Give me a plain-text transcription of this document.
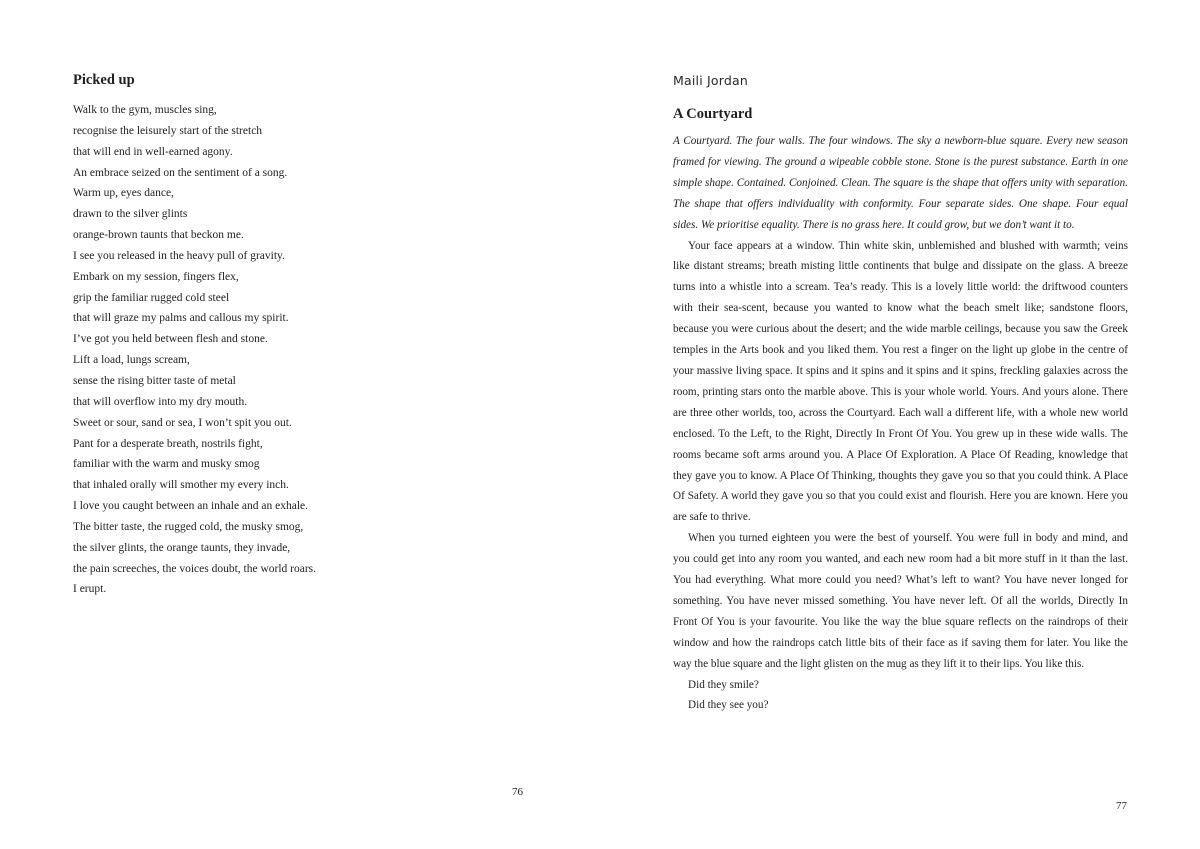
Picked up
Walk to the gym, muscles sing,
recognise the leisurely start of the stretch
that will end in well-earned agony.
An embrace seized on the sentiment of a song.
Warm up, eyes dance,
drawn to the silver glints
orange-brown taunts that beckon me.
I see you released in the heavy pull of gravity.
Embark on my session, fingers flex,
grip the familiar rugged cold steel
that will graze my palms and callous my spirit.
I’ve got you held between flesh and stone.
Lift a load, lungs scream,
sense the rising bitter taste of metal
that will overflow into my dry mouth.
Sweet or sour, sand or sea, I won’t spit you out.
Pant for a desperate breath, nostrils fight,
familiar with the warm and musky smog
that inhaled orally will smother my every inch.
I love you caught between an inhale and an exhale.
The bitter taste, the rugged cold, the musky smog,
the silver glints, the orange taunts, they invade,
the pain screeches, the voices doubt, the world roars.
I erupt.
76
Maili Jordan
A Courtyard

A Courtyard. The four walls. The four windows. The sky a newborn-blue square. Every new season framed for viewing. The ground a wipeable cobble stone. Stone is the purest substance. Earth in one simple shape. Contained. Conjoined. Clean. The square is the shape that offers unity with separation. The shape that offers individuality with conformity. Four separate sides. One shape. Four equal sides. We prioritise equality. There is no grass here. It could grow, but we don’t want it to.

Your face appears at a window. Thin white skin, unblemished and blushed with warmth; veins like distant streams; breath misting little continents that bulge and dissipate on the glass. A breeze turns into a whistle into a scream. Tea’s ready. This is a lovely little world: the driftwood counters with their sea-scent, because you wanted to know what the beach smelt like; sandstone floors, because you were curious about the desert; and the wide marble ceilings, because you saw the Greek temples in the Arts book and you liked them. You rest a finger on the light up globe in the centre of your massive living space. It spins and it spins and it spins and it spins, freckling galaxies across the room, printing stars onto the marble above. This is your whole world. Yours. And yours alone. There are three other worlds, too, across the Courtyard. Each wall a different life, with a whole new world enclosed. To the Left, to the Right, Directly In Front Of You. You grew up in these wide walls. The rooms became soft arms around you. A Place Of Exploration. A Place Of Reading, knowledge that they gave you to know. A Place Of Thinking, thoughts they gave you so that you could think. A Place Of Safety. A world they gave you so that you could exist and flourish. Here you are known. Here you are safe to thrive.

When you turned eighteen you were the best of yourself. You were full in body and mind, and you could get into any room you wanted, and each new room had a bit more stuff in it than the last. You had everything. What more could you need? What’s left to want? You have never longed for something. You have never missed something. You have never left. Of all the worlds, Directly In Front Of You is your favourite. You like the way the blue square reflects on the raindrops of their window and how the raindrops catch little bits of their face as if saving them for later. You like the way the blue square and the light glisten on the mug as they lift it to their lips. You like this.

Did they smile?

Did they see you?

77
